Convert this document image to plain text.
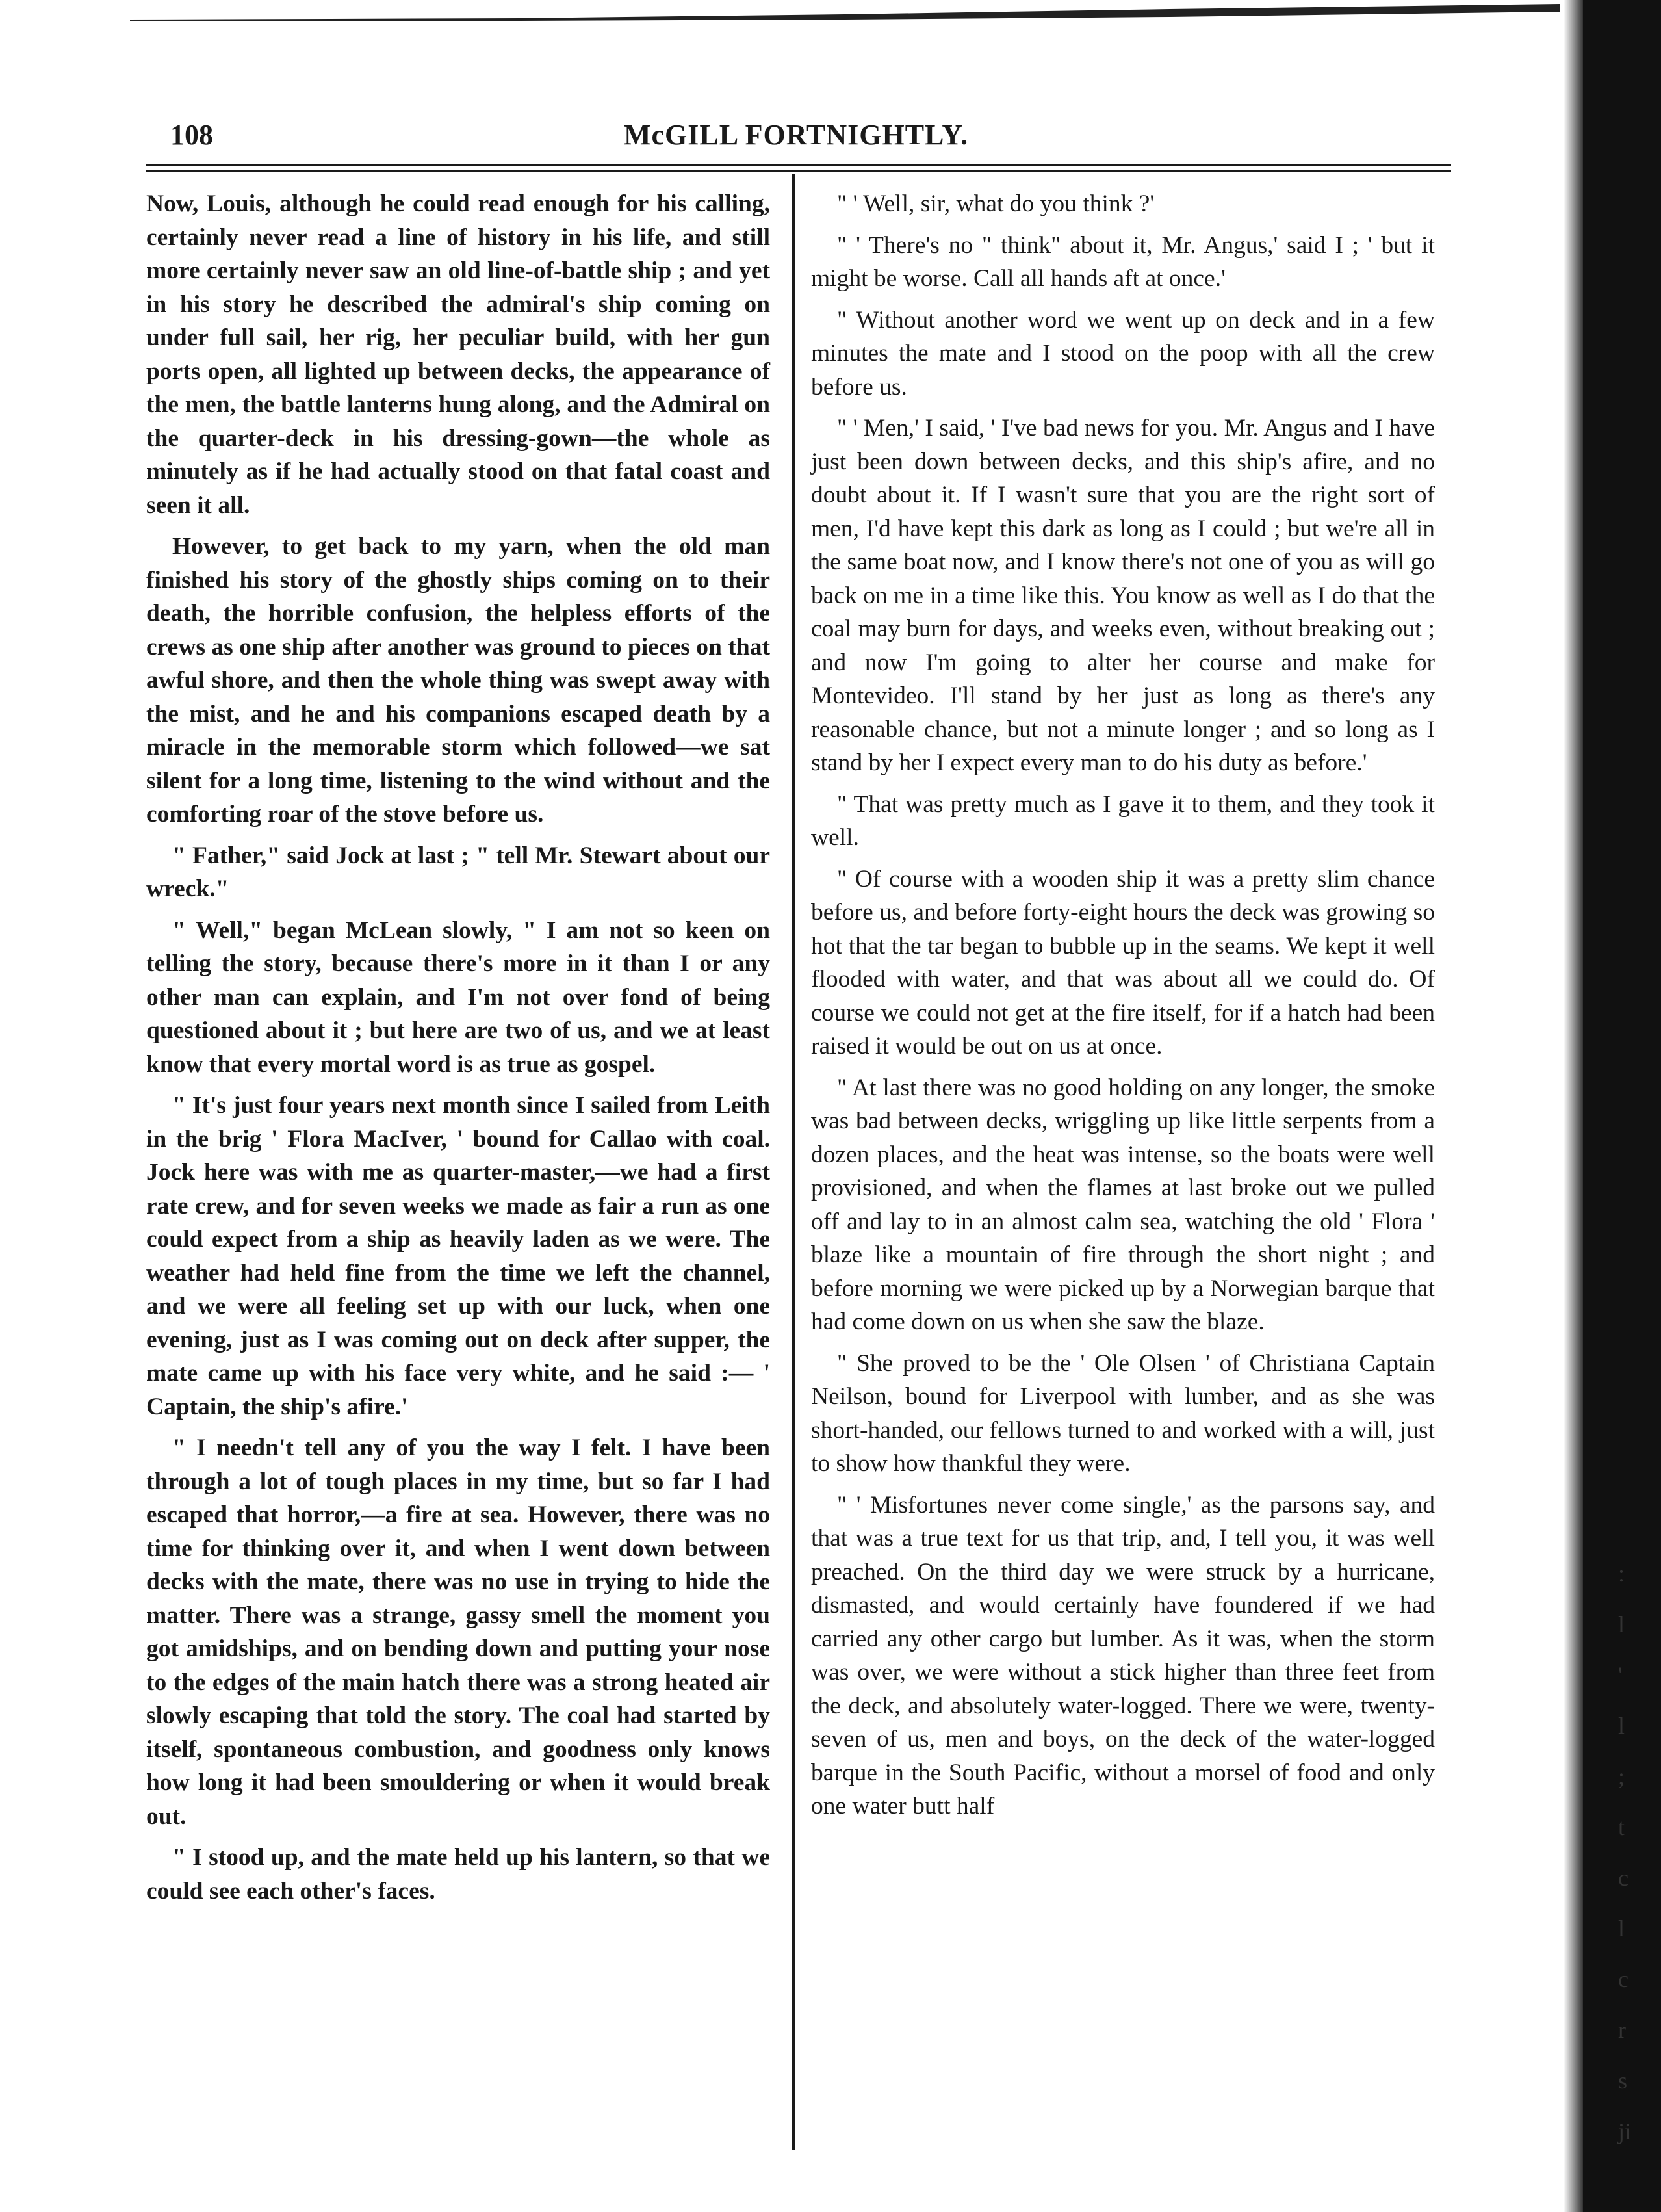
108	McGILL FORTNIGHTLY.

Now, Louis, although he could read enough for his calling, certainly never read a line of history in his life, and still more certainly never saw an old line-of-battle ship ; and yet in his story he described the admiral's ship coming on under full sail, her rig, her peculiar build, with her gun ports open, all lighted up between decks, the appearance of the men, the battle lanterns hung along, and the Admiral on the quarter-deck in his dressing-gown—the whole as minutely as if he had actually stood on that fatal coast and seen it all.

However, to get back to my yarn, when the old man finished his story of the ghostly ships coming on to their death, the horrible confusion, the helpless efforts of the crews as one ship after another was ground to pieces on that awful shore, and then the whole thing was swept away with the mist, and he and his companions escaped death by a miracle in the memorable storm which followed—we sat silent for a long time, listening to the wind without and the comforting roar of the stove before us.

" Father," said Jock at last ; " tell Mr. Stewart about our wreck."

" Well," began McLean slowly, " I am not so keen on telling the story, because there's more in it than I or any other man can explain, and I'm not over fond of being questioned about it ; but here are two of us, and we at least know that every mortal word is as true as gospel.

" It's just four years next month since I sailed from Leith in the brig ' Flora MacIver, ' bound for Callao with coal. Jock here was with me as quarter-master,—we had a first rate crew, and for seven weeks we made as fair a run as one could expect from a ship as heavily laden as we were. The weather had held fine from the time we left the channel, and we were all feeling set up with our luck, when one evening, just as I was coming out on deck after supper, the mate came up with his face very white, and he said :— ' Captain, the ship's afire.'

" I needn't tell any of you the way I felt. I have been through a lot of tough places in my time, but so far I had escaped that horror,—a fire at sea. However, there was no time for thinking over it, and when I went down between decks with the mate, there was no use in trying to hide the matter. There was a strange, gassy smell the moment you got amidships, and on bending down and putting your nose to the edges of the main hatch there was a strong heated air slowly escaping that told the story. The coal had started by itself, spontaneous combustion, and goodness only knows how long it had been smouldering or when it would break out.

" I stood up, and the mate held up his lantern, so that we could see each other's faces.

" ' Well, sir, what do you think ?'

" ' There's no " think" about it, Mr. Angus,' said I ; ' but it might be worse. Call all hands aft at once.'

" Without another word we went up on deck and in a few minutes the mate and I stood on the poop with all the crew before us.

" ' Men,' I said, ' I've bad news for you. Mr. Angus and I have just been down between decks, and this ship's afire, and no doubt about it. If I wasn't sure that you are the right sort of men, I'd have kept this dark as long as I could ; but we're all in the same boat now, and I know there's not one of you as will go back on me in a time like this. You know as well as I do that the coal may burn for days, and weeks even, without breaking out ; and now I'm going to alter her course and make for Montevideo. I'll stand by her just as long as there's any reasonable chance, but not a minute longer ; and so long as I stand by her I expect every man to do his duty as before.'

" That was pretty much as I gave it to them, and they took it well.

" Of course with a wooden ship it was a pretty slim chance before us, and before forty-eight hours the deck was growing so hot that the tar began to bubble up in the seams. We kept it well flooded with water, and that was about all we could do. Of course we could not get at the fire itself, for if a hatch had been raised it would be out on us at once.

" At last there was no good holding on any longer, the smoke was bad between decks, wriggling up like little serpents from a dozen places, and the heat was intense, so the boats were well provisioned, and when the flames at last broke out we pulled off and lay to in an almost calm sea, watching the old ' Flora ' blaze like a mountain of fire through the short night ; and before morning we were picked up by a Norwegian barque that had come down on us when she saw the blaze.

" She proved to be the ' Ole Olsen ' of Christiana Captain Neilson, bound for Liverpool with lumber, and as she was short-handed, our fellows turned to and worked with a will, just to show how thankful they were.

" ' Misfortunes never come single,' as the parsons say, and that was a true text for us that trip, and, I tell you, it was well preached. On the third day we were struck by a hurricane, dismasted, and would certainly have foundered if we had carried any other cargo but lumber. As it was, when the storm was over, we were without a stick higher than three feet from the deck, and absolutely water-logged. There we were, twenty-seven of us, men and boys, on the deck of the water-logged barque in the South Pacific, without a morsel of food and only one water butt half

:
l
'
l
;
t
c
l
c
r
s
ji
